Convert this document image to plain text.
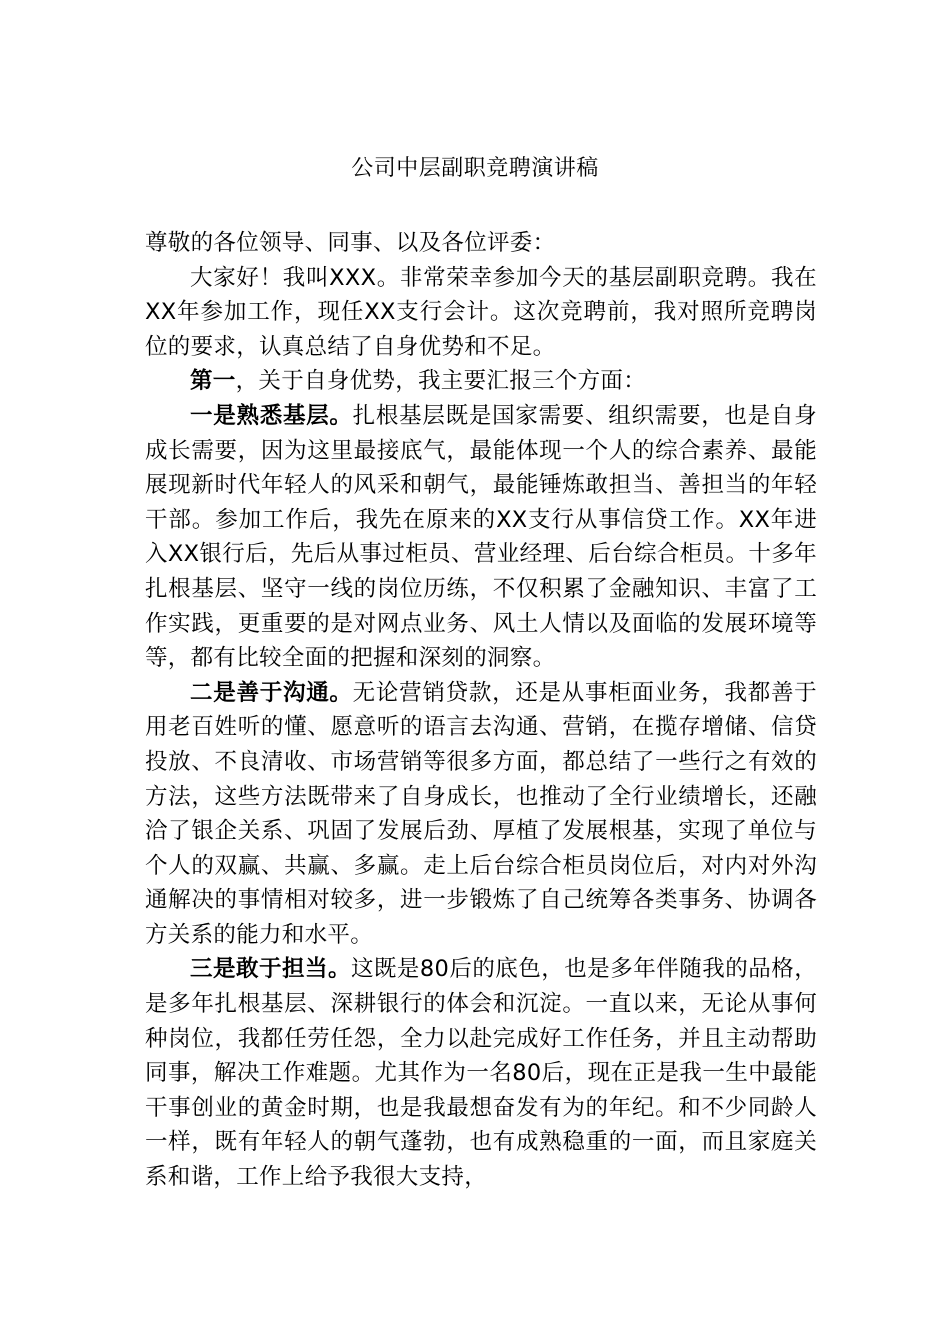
公司中层副职竞聘演讲稿

尊敬的各位领导、同事、以及各位评委：

大家好！我叫XXX。非常荣幸参加今天的基层副职竞聘。我在XX年参加工作，现任XX支行会计。这次竞聘前，我对照所竞聘岗位的要求，认真总结了自身优势和不足。

第一，关于自身优势，我主要汇报三个方面：

一是熟悉基层。扎根基层既是国家需要、组织需要，也是自身成长需要，因为这里最接底气，最能体现一个人的综合素养、最能展现新时代年轻人的风采和朝气，最能锤炼敢担当、善担当的年轻干部。参加工作后，我先在原来的XX支行从事信贷工作。XX年进入XX银行后，先后从事过柜员、营业经理、后台综合柜员。十多年扎根基层、坚守一线的岗位历练，不仅积累了金融知识、丰富了工作实践，更重要的是对网点业务、风土人情以及面临的发展环境等等，都有比较全面的把握和深刻的洞察。

二是善于沟通。无论营销贷款，还是从事柜面业务，我都善于用老百姓听的懂、愿意听的语言去沟通、营销，在揽存增储、信贷投放、不良清收、市场营销等很多方面，都总结了一些行之有效的方法，这些方法既带来了自身成长，也推动了全行业绩增长，还融洽了银企关系、巩固了发展后劲、厚植了发展根基，实现了单位与个人的双赢、共赢、多赢。走上后台综合柜员岗位后，对内对外沟通解决的事情相对较多，进一步锻炼了自己统筹各类事务、协调各方关系的能力和水平。

三是敢于担当。这既是80后的底色，也是多年伴随我的品格，是多年扎根基层、深耕银行的体会和沉淀。一直以来，无论从事何种岗位，我都任劳任怨，全力以赴完成好工作任务，并且主动帮助同事，解决工作难题。尤其作为一名80后，现在正是我一生中最能干事创业的黄金时期，也是我最想奋发有为的年纪。和不少同龄人一样，既有年轻人的朝气蓬勃，也有成熟稳重的一面，而且家庭关系和谐，工作上给予我很大支持，
